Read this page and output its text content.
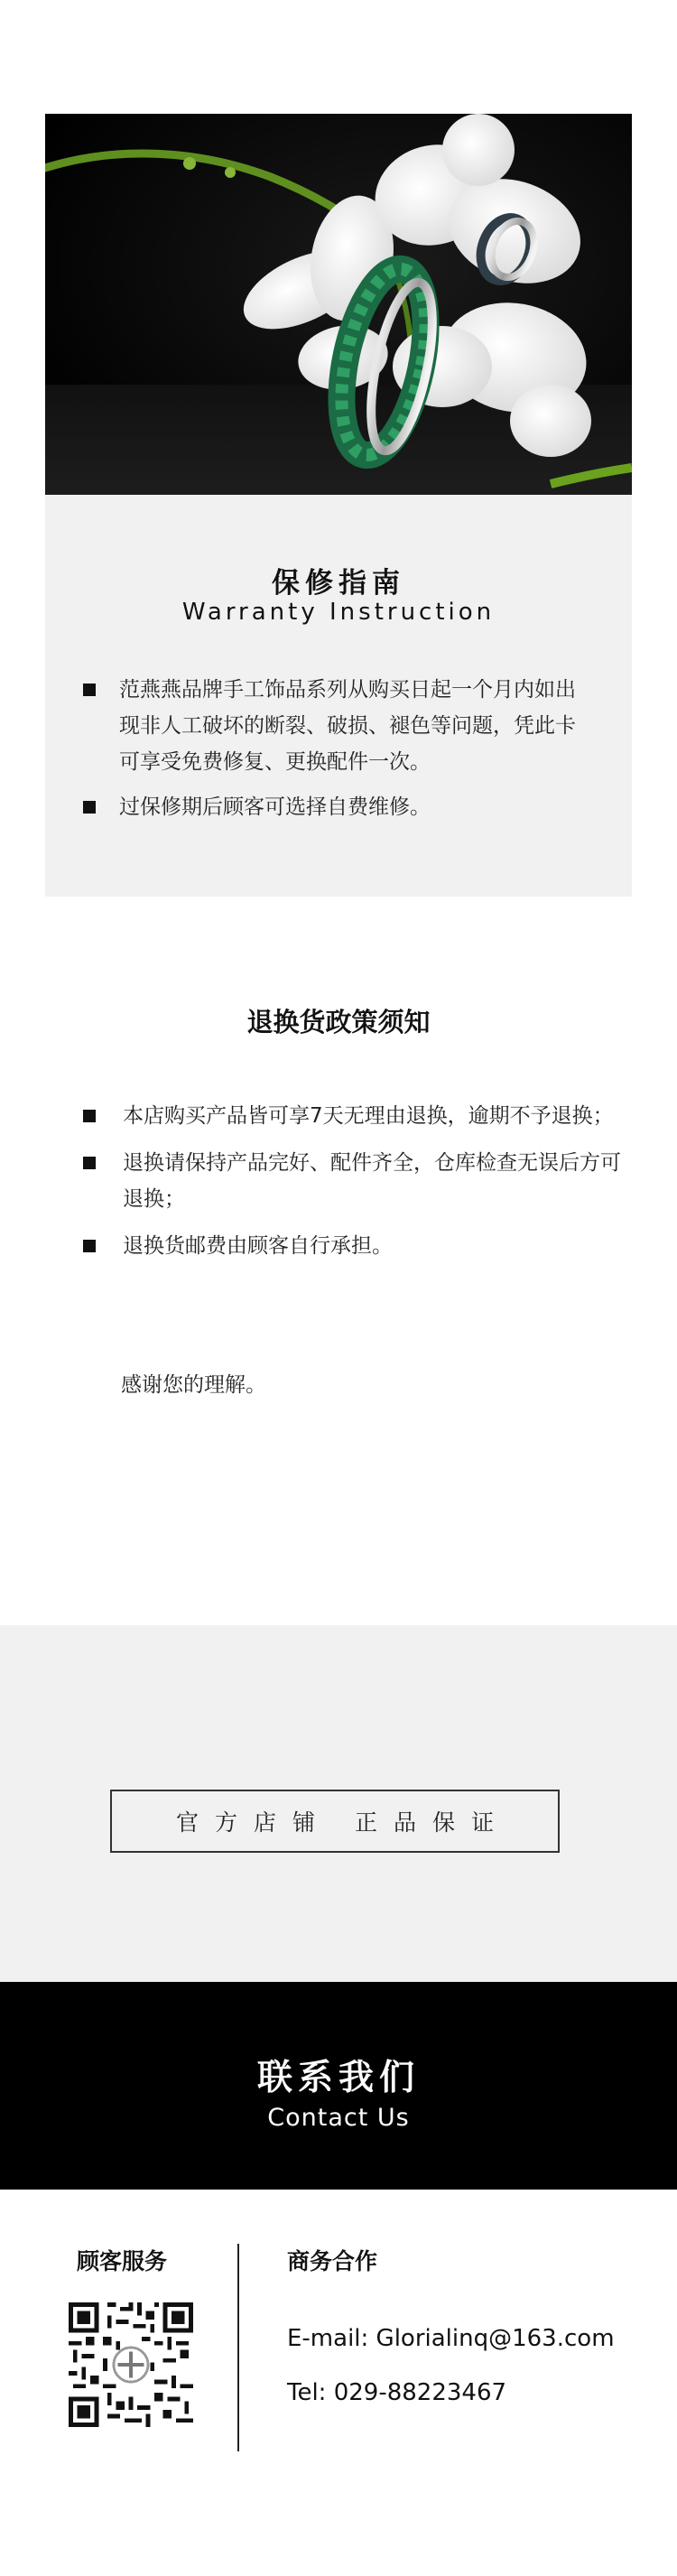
保修指南
Warranty Instruction
范燕燕品牌手工饰品系列从购买日起一个月内如出现非人工破坏的断裂、破损、褪色等问题，凭此卡可享受免费修复、更换配件一次。
过保修期后顾客可选择自费维修。
退换货政策须知
本店购买产品皆可享7天无理由退换，逾期不予退换；
退换请保持产品完好、配件齐全，仓库检查无误后方可退换；
退换货邮费由顾客自行承担。
感谢您的理解。
官方店铺 正品保证
联系我们
Contact Us
顾客服务	商务合作
E-mail: Glorialinq@163.com
Tel: 029-88223467
